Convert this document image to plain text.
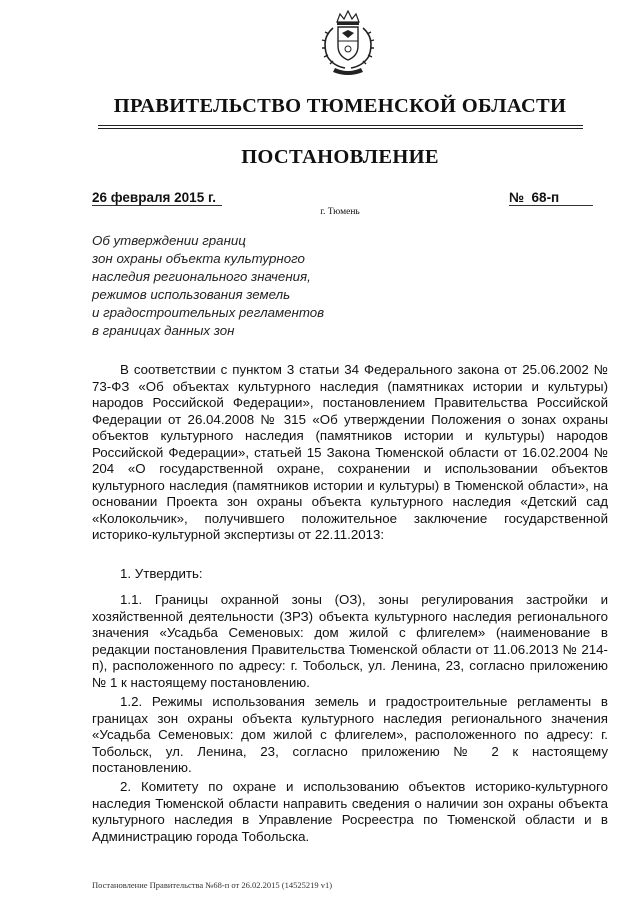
ПРАВИТЕЛЬСТВО ТЮМЕНСКОЙ ОБЛАСТИ
ПОСТАНОВЛЕНИЕ
26 февраля 2015 г.	№  68-п
г. Тюмень
Об утверждении границ
зон охраны объекта культурного
наследия регионального значения,
режимов использования земель
и градостроительных регламентов
в границах данных зон
В соответствии с пунктом 3 статьи 34 Федерального закона от 25.06.2002 № 73-ФЗ «Об объектах культурного наследия (памятниках истории и культуры) народов Российской Федерации», постановлением Правительства Российской Федерации от 26.04.2008 № 315 «Об утверждении Положения о зонах охраны объектов культурного наследия (памятников истории и культуры) народов Российской Федерации», статьей 15 Закона Тюменской области от 16.02.2004 № 204 «О государственной охране, сохранении и использовании объектов культурного наследия (памятников истории и культуры) в Тюменской области», на основании Проекта зон охраны объекта культурного наследия «Детский сад «Колокольчик», получившего положительное заключение государственной историко-культурной экспертизы от 22.11.2013:
1. Утвердить:
1.1. Границы охранной зоны (ОЗ), зоны регулирования застройки и хозяйственной деятельности (ЗРЗ) объекта культурного наследия регионального значения «Усадьба Семеновых: дом жилой с флигелем» (наименование в редакции постановления Правительства Тюменской области от 11.06.2013 № 214-п), расположенного по адресу: г. Тобольск, ул. Ленина, 23, согласно приложению № 1 к настоящему постановлению.
1.2. Режимы использования земель и градостроительные регламенты в границах зон охраны объекта культурного наследия регионального значения «Усадьба Семеновых: дом жилой с флигелем», расположенного по адресу: г. Тобольск, ул. Ленина, 23, согласно приложению № 2 к настоящему постановлению.
2. Комитету по охране и использованию объектов историко-культурного наследия Тюменской области направить сведения о наличии зон охраны объекта культурного наследия в Управление Росреестра по Тюменской области и в Администрацию города Тобольска.
Постановление Правительства №68-п от 26.02.2015 (14525219 v1)
